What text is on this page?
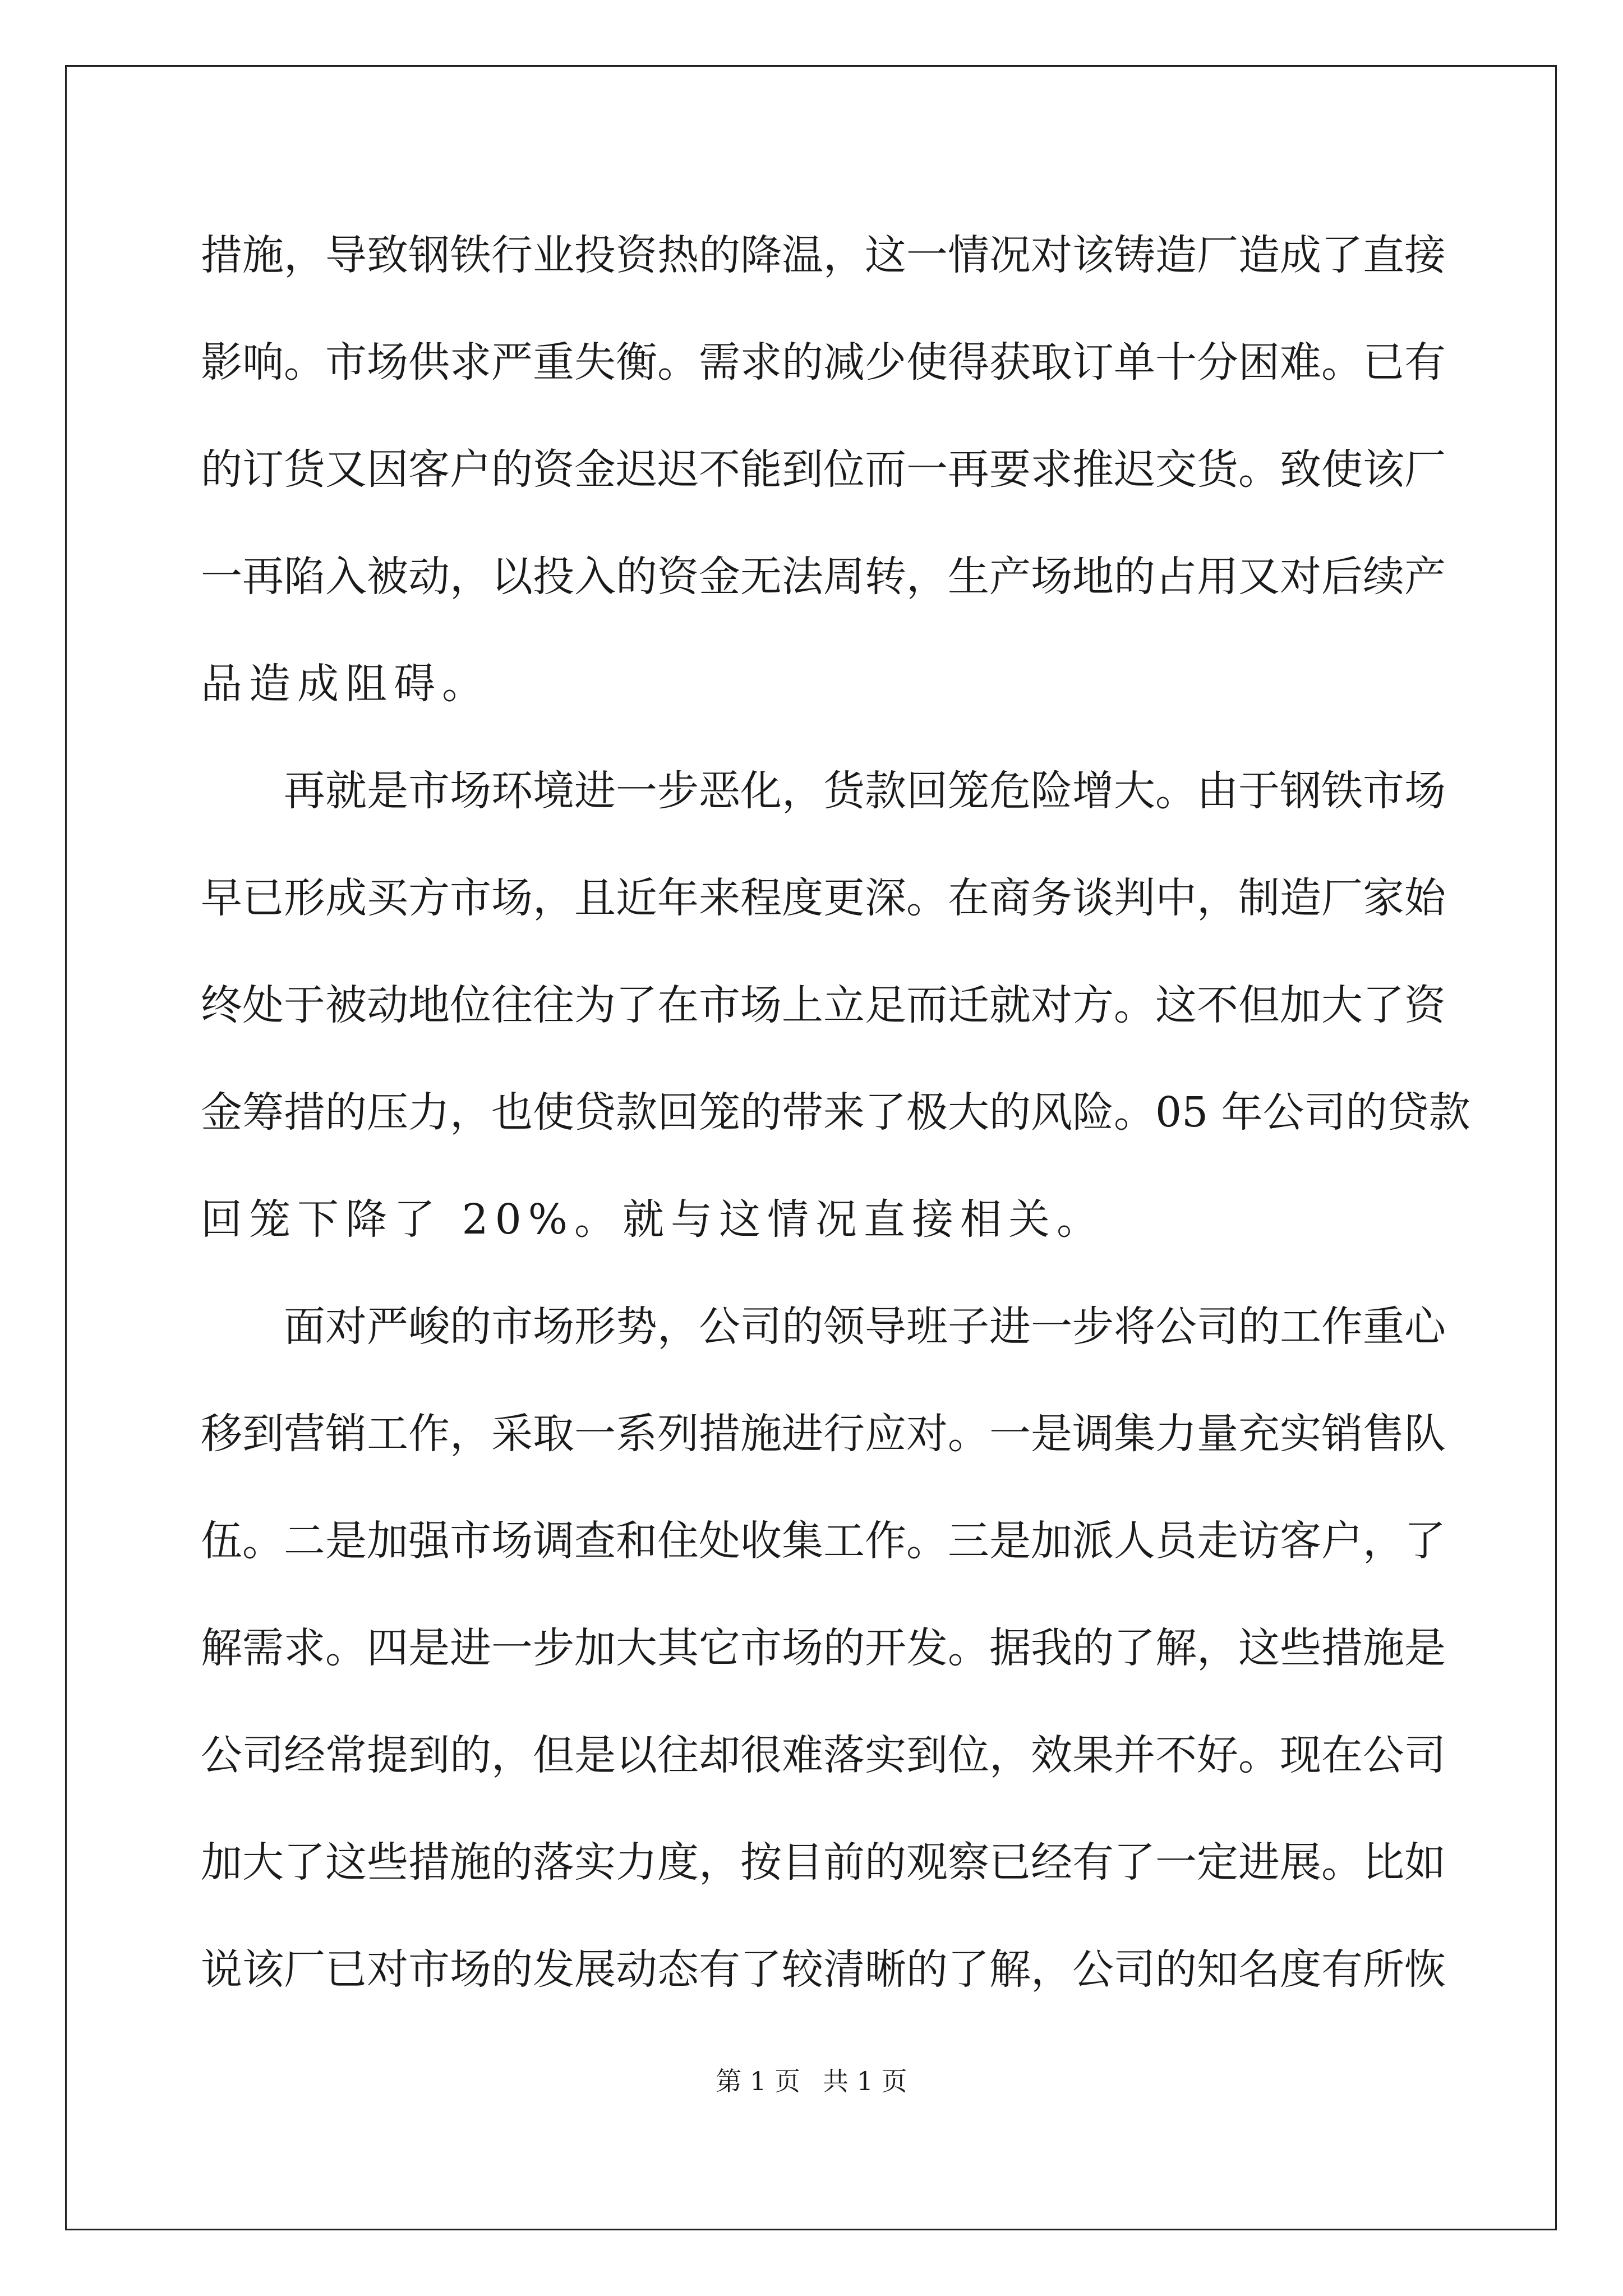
措施，导致钢铁行业投资热的降温，这一情况对该铸造厂造成了直接
影响。市场供求严重失衡。需求的减少使得获取订单十分困难。已有
的订货又因客户的资金迟迟不能到位而一再要求推迟交货。致使该厂
一再陷入被动，以投入的资金无法周转，生产场地的占用又对后续产
品造成阻碍。
再就是市场环境进一步恶化，货款回笼危险增大。由于钢铁市场
早已形成买方市场，且近年来程度更深。在商务谈判中，制造厂家始
终处于被动地位往往为了在市场上立足而迁就对方。这不但加大了资
金筹措的压力，也使贷款回笼的带来了极大的风险。05 年公司的贷款
回笼下降了 20%。就与这情况直接相关。
面对严峻的市场形势，公司的领导班子进一步将公司的工作重心
移到营销工作，采取一系列措施进行应对。一是调集力量充实销售队
伍。二是加强市场调查和住处收集工作。三是加派人员走访客户，了
解需求。四是进一步加大其它市场的开发。据我的了解，这些措施是
公司经常提到的，但是以往却很难落实到位，效果并不好。现在公司
加大了这些措施的落实力度，按目前的观察已经有了一定进展。比如
说该厂已对市场的发展动态有了较清晰的了解，公司的知名度有所恢
第 1 页 共 1 页
